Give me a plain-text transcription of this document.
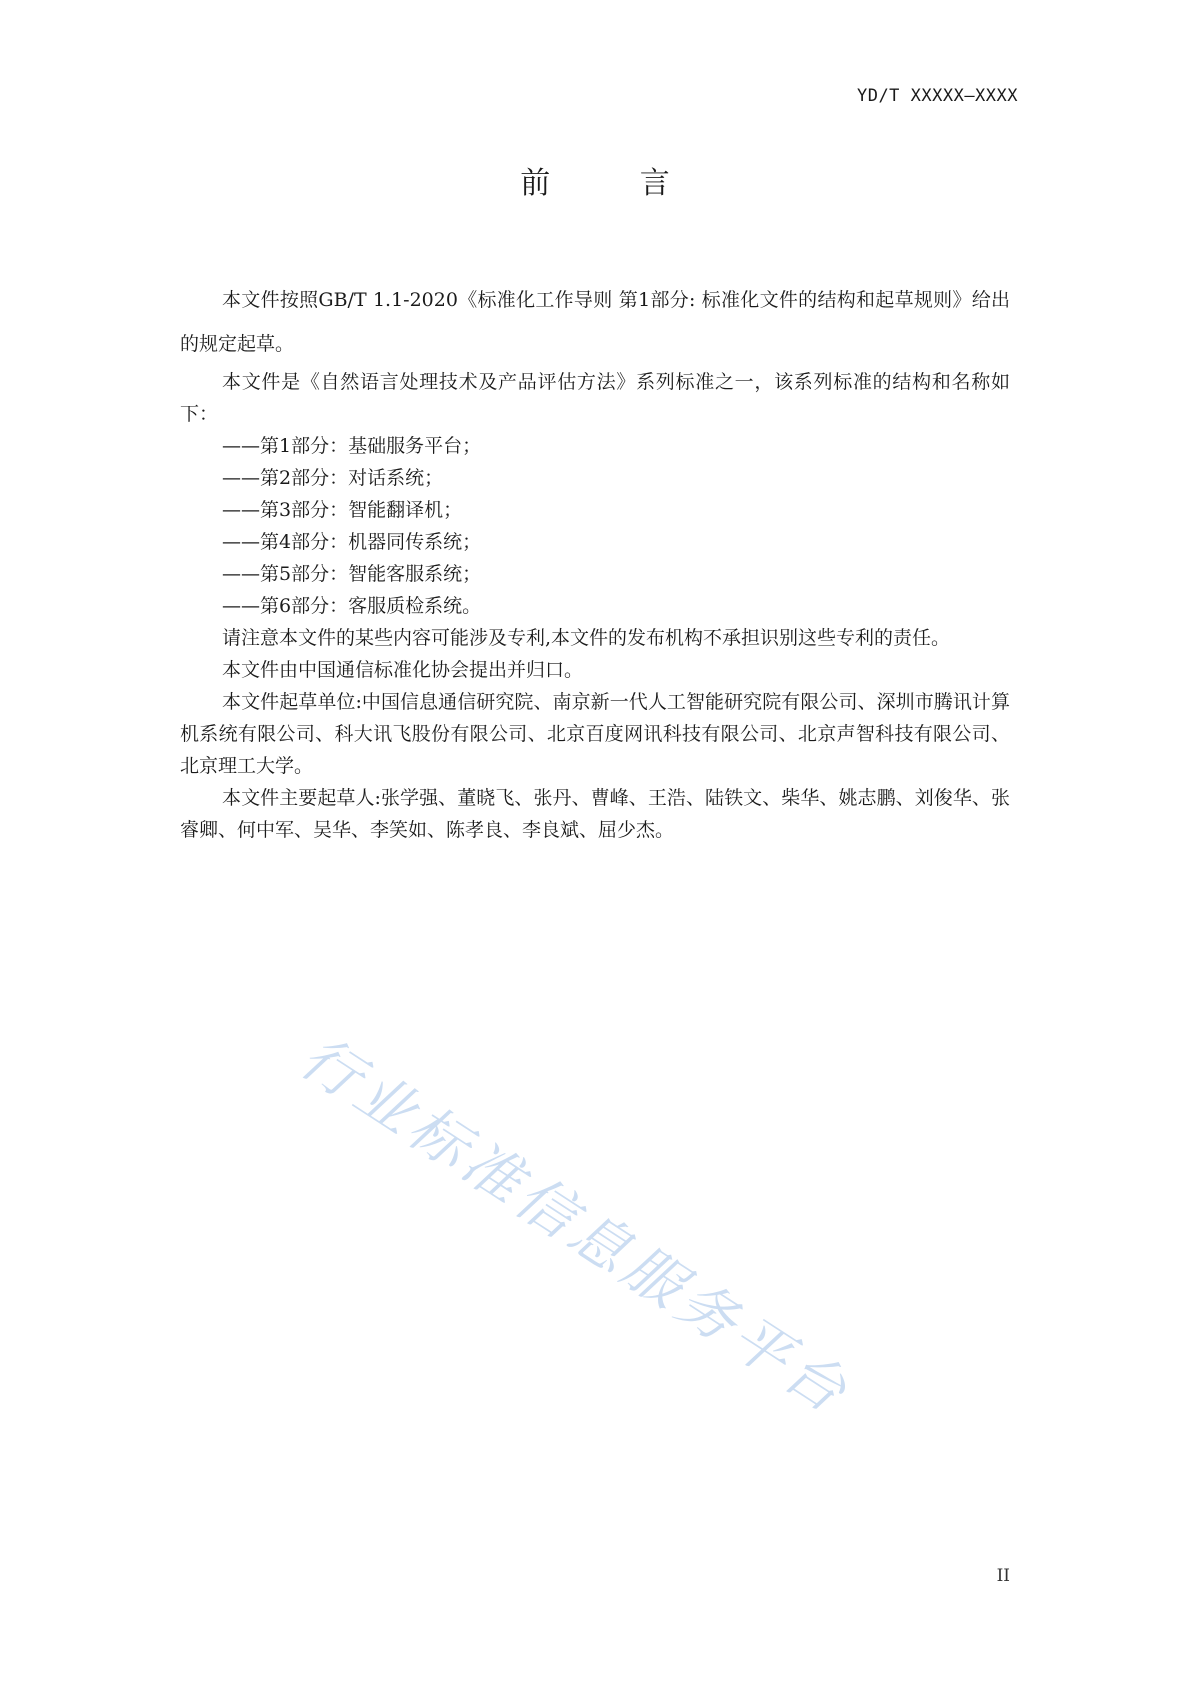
YD/T XXXXX—XXXX
前 言

本文件按照GB/T 1.1-2020《标准化工作导则 第1部分: 标准化文件的结构和起草规则》给出的规定起草。

本文件是《自然语言处理技术及产品评估方法》系列标准之一，该系列标准的结构和名称如下：

——第1部分：基础服务平台；
——第2部分：对话系统；
——第3部分：智能翻译机；
——第4部分：机器同传系统；
——第5部分：智能客服系统；
——第6部分：客服质检系统。

请注意本文件的某些内容可能涉及专利,本文件的发布机构不承担识别这些专利的责任。

本文件由中国通信标准化协会提出并归口。

本文件起草单位:中国信息通信研究院、南京新一代人工智能研究院有限公司、深圳市腾讯计算机系统有限公司、科大讯飞股份有限公司、北京百度网讯科技有限公司、北京声智科技有限公司、北京理工大学。

本文件主要起草人:张学强、董晓飞、张丹、曹峰、王浩、陆铁文、柴华、姚志鹏、刘俊华、张睿卿、何中军、吴华、李笑如、陈孝良、李良斌、屈少杰。

行业标准信息服务平台
II
